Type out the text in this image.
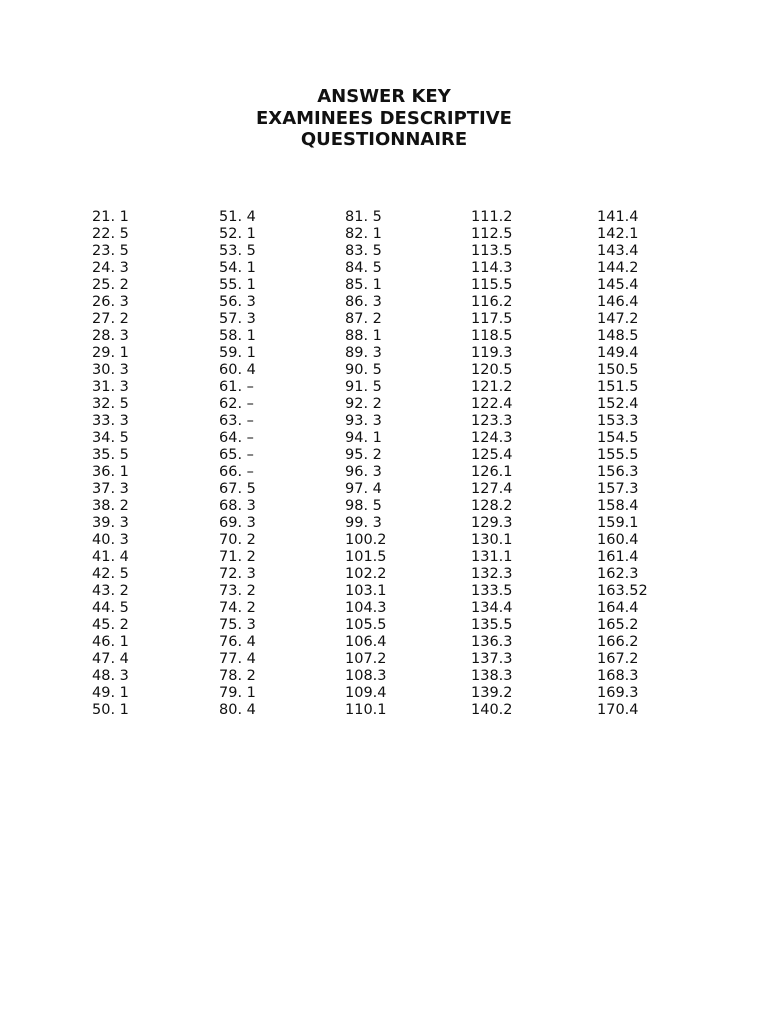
ANSWER KEY
EXAMINEES DESCRIPTIVE
QUESTIONNAIRE
21. 1
22. 5
23. 5
24. 3
25. 2
26. 3
27. 2
28. 3
29. 1
30. 3
31. 3
32. 5
33. 3
34. 5
35. 5
36. 1
37. 3
38. 2
39. 3
40. 3
41. 4
42. 5
43. 2
44. 5
45. 2
46. 1
47. 4
48. 3
49. 1
50. 1
51. 4
52. 1
53. 5
54. 1
55. 1
56. 3
57. 3
58. 1
59. 1
60. 4
61. –
62. –
63. –
64. –
65. –
66. –
67. 5
68. 3
69. 3
70. 2
71. 2
72. 3
73. 2
74. 2
75. 3
76. 4
77. 4
78. 2
79. 1
80. 4
81. 5
82. 1
83. 5
84. 5
85. 1
86. 3
87. 2
88. 1
89. 3
90. 5
91. 5
92. 2
93. 3
94. 1
95. 2
96. 3
97. 4
98. 5
99. 3
100.2
101.5
102.2
103.1
104.3
105.5
106.4
107.2
108.3
109.4
110.1
111.2
112.5
113.5
114.3
115.5
116.2
117.5
118.5
119.3
120.5
121.2
122.4
123.3
124.3
125.4
126.1
127.4
128.2
129.3
130.1
131.1
132.3
133.5
134.4
135.5
136.3
137.3
138.3
139.2
140.2
141.4
142.1
143.4
144.2
145.4
146.4
147.2
148.5
149.4
150.5
151.5
152.4
153.3
154.5
155.5
156.3
157.3
158.4
159.1
160.4
161.4
162.3
163.52
164.4
165.2
166.2
167.2
168.3
169.3
170.4
